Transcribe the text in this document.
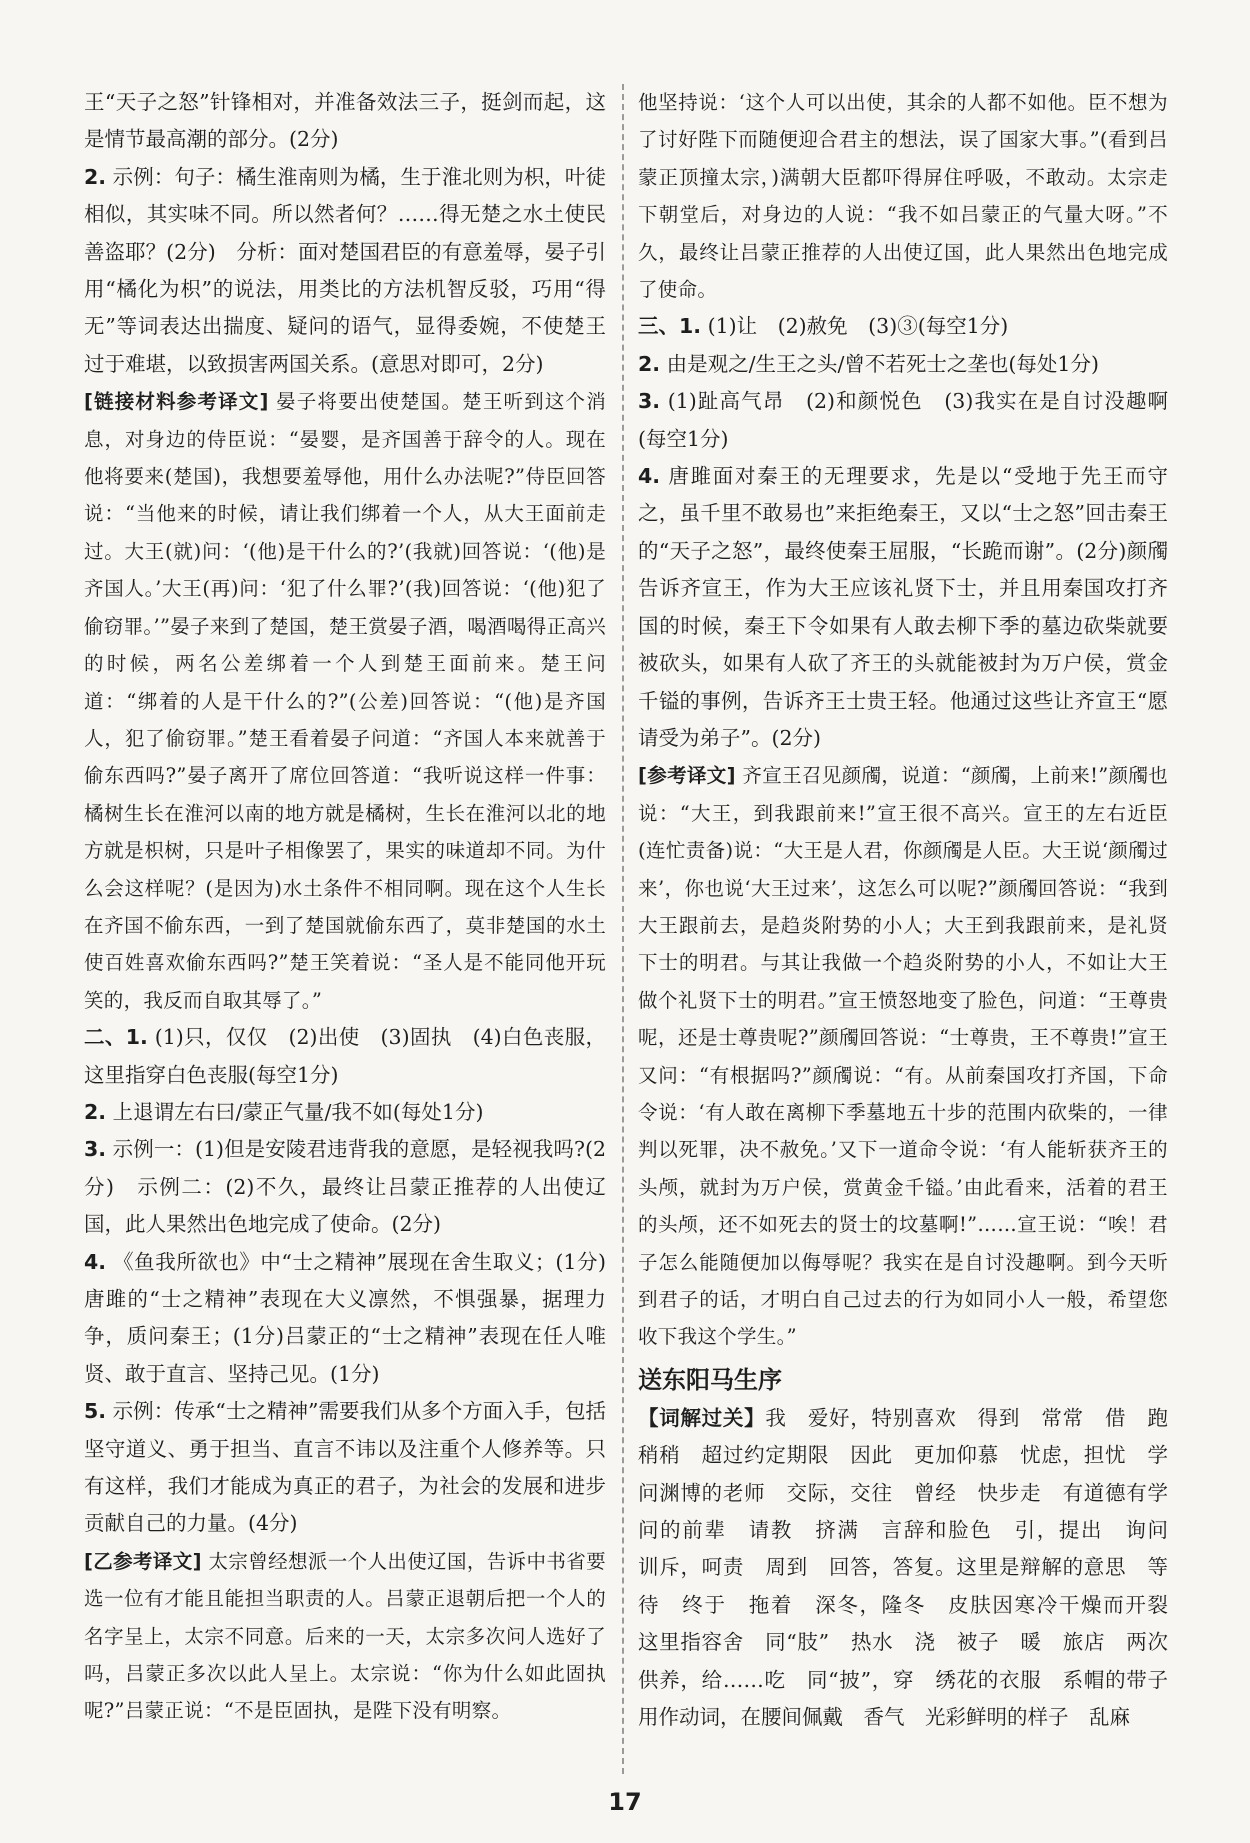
王“天子之怒”针锋相对，并准备效法三子，挺剑而起，这是情节最高潮的部分。(2分)

2. 示例：句子：橘生淮南则为橘，生于淮北则为枳，叶徒相似，其实味不同。所以然者何？……得无楚之水土使民善盗耶？(2分)　分析：面对楚国君臣的有意羞辱，晏子引用“橘化为枳”的说法，用类比的方法机智反驳，巧用“得无”等词表达出揣度、疑问的语气，显得委婉，不使楚王过于难堪，以致损害两国关系。(意思对即可，2分)

[链接材料参考译文] 晏子将要出使楚国。楚王听到这个消息，对身边的侍臣说：“晏婴，是齐国善于辞令的人。现在他将要来(楚国)，我想要羞辱他，用什么办法呢?”侍臣回答说：“当他来的时候，请让我们绑着一个人，从大王面前走过。大王(就)问：‘(他)是干什么的?’(我就)回答说：‘(他)是齐国人。’大王(再)问：‘犯了什么罪?’(我)回答说：‘(他)犯了偷窃罪。’”晏子来到了楚国，楚王赏晏子酒，喝酒喝得正高兴的时候，两名公差绑着一个人到楚王面前来。楚王问道：“绑着的人是干什么的?”(公差)回答说：“(他)是齐国人，犯了偷窃罪。”楚王看着晏子问道：“齐国人本来就善于偷东西吗?”晏子离开了席位回答道：“我听说这样一件事：橘树生长在淮河以南的地方就是橘树，生长在淮河以北的地方就是枳树，只是叶子相像罢了，果实的味道却不同。为什么会这样呢？(是因为)水土条件不相同啊。现在这个人生长在齐国不偷东西，一到了楚国就偷东西了，莫非楚国的水土使百姓喜欢偷东西吗?”楚王笑着说：“圣人是不能同他开玩笑的，我反而自取其辱了。”

二、1. (1)只，仅仅　(2)出使　(3)固执　(4)白色丧服，这里指穿白色丧服(每空1分)

2. 上退谓左右曰/蒙正气量/我不如(每处1分)

3. 示例一：(1)但是安陵君违背我的意愿，是轻视我吗?(2分)　示例二：(2)不久，最终让吕蒙正推荐的人出使辽国，此人果然出色地完成了使命。(2分)

4. 《鱼我所欲也》中“士之精神”展现在舍生取义；(1分)唐雎的“士之精神”表现在大义凛然，不惧强暴，据理力争，质问秦王；(1分)吕蒙正的“士之精神”表现在任人唯贤、敢于直言、坚持己见。(1分)

5. 示例：传承“士之精神”需要我们从多个方面入手，包括坚守道义、勇于担当、直言不讳以及注重个人修养等。只有这样，我们才能成为真正的君子，为社会的发展和进步贡献自己的力量。(4分)

[乙参考译文] 太宗曾经想派一个人出使辽国，告诉中书省要选一位有才能且能担当职责的人。吕蒙正退朝后把一个人的名字呈上，太宗不同意。后来的一天，太宗多次问人选好了吗，吕蒙正多次以此人呈上。太宗说：“你为什么如此固执呢?”吕蒙正说：“不是臣固执，是陛下没有明察。

他坚持说：‘这个人可以出使，其余的人都不如他。臣不想为了讨好陛下而随便迎合君主的想法，误了国家大事。”(看到吕蒙正顶撞太宗，)满朝大臣都吓得屏住呼吸，不敢动。太宗走下朝堂后，对身边的人说：“我不如吕蒙正的气量大呀。”不久，最终让吕蒙正推荐的人出使辽国，此人果然出色地完成了使命。

三、1. (1)让　(2)赦免　(3)③(每空1分)

2. 由是观之/生王之头/曾不若死士之垄也(每处1分)

3. (1)趾高气昂　(2)和颜悦色　(3)我实在是自讨没趣啊(每空1分)

4. 唐雎面对秦王的无理要求，先是以“受地于先王而守之，虽千里不敢易也”来拒绝秦王，又以“士之怒”回击秦王的“天子之怒”，最终使秦王屈服，“长跪而谢”。(2分)颜斶告诉齐宣王，作为大王应该礼贤下士，并且用秦国攻打齐国的时候，秦王下令如果有人敢去柳下季的墓边砍柴就要被砍头，如果有人砍了齐王的头就能被封为万户侯，赏金千镒的事例，告诉齐王士贵王轻。他通过这些让齐宣王“愿请受为弟子”。(2分)

[参考译文] 齐宣王召见颜斶，说道：“颜斶，上前来!”颜斶也说：“大王，到我跟前来!”宣王很不高兴。宣王的左右近臣(连忙责备)说：“大王是人君，你颜斶是人臣。大王说‘颜斶过来’，你也说‘大王过来’，这怎么可以呢?”颜斶回答说：“我到大王跟前去，是趋炎附势的小人；大王到我跟前来，是礼贤下士的明君。与其让我做一个趋炎附势的小人，不如让大王做个礼贤下士的明君。”宣王愤怒地变了脸色，问道：“王尊贵呢，还是士尊贵呢?”颜斶回答说：“士尊贵，王不尊贵!”宣王又问：“有根据吗?”颜斶说：“有。从前秦国攻打齐国，下命令说：‘有人敢在离柳下季墓地五十步的范围内砍柴的，一律判以死罪，决不赦免。’又下一道命令说：‘有人能斩获齐王的头颅，就封为万户侯，赏黄金千镒。’由此看来，活着的君王的头颅，还不如死去的贤士的坟墓啊!”……宣王说：“唉！君子怎么能随便加以侮辱呢？我实在是自讨没趣啊。到今天听到君子的话，才明白自己过去的行为如同小人一般，希望您收下我这个学生。”

送东阳马生序

【词解过关】我　爱好，特别喜欢　得到　常常　借　跑　稍稍　超过约定期限　因此　更加仰慕　忧虑，担忧　学问渊博的老师　交际，交往　曾经　快步走　有道德有学问的前辈　请教　挤满　言辞和脸色　引，提出　询问　训斥，呵责　周到　回答，答复。这里是辩解的意思　等待　终于　拖着　深冬，隆冬　皮肤因寒冷干燥而开裂　这里指容舍　同“肢”　热水　浇　被子　暖　旅店　两次　供养，给……吃　同“披”，穿　绣花的衣服　系帽的带子　用作动词，在腰间佩戴　香气　光彩鲜明的样子　乱麻

17
